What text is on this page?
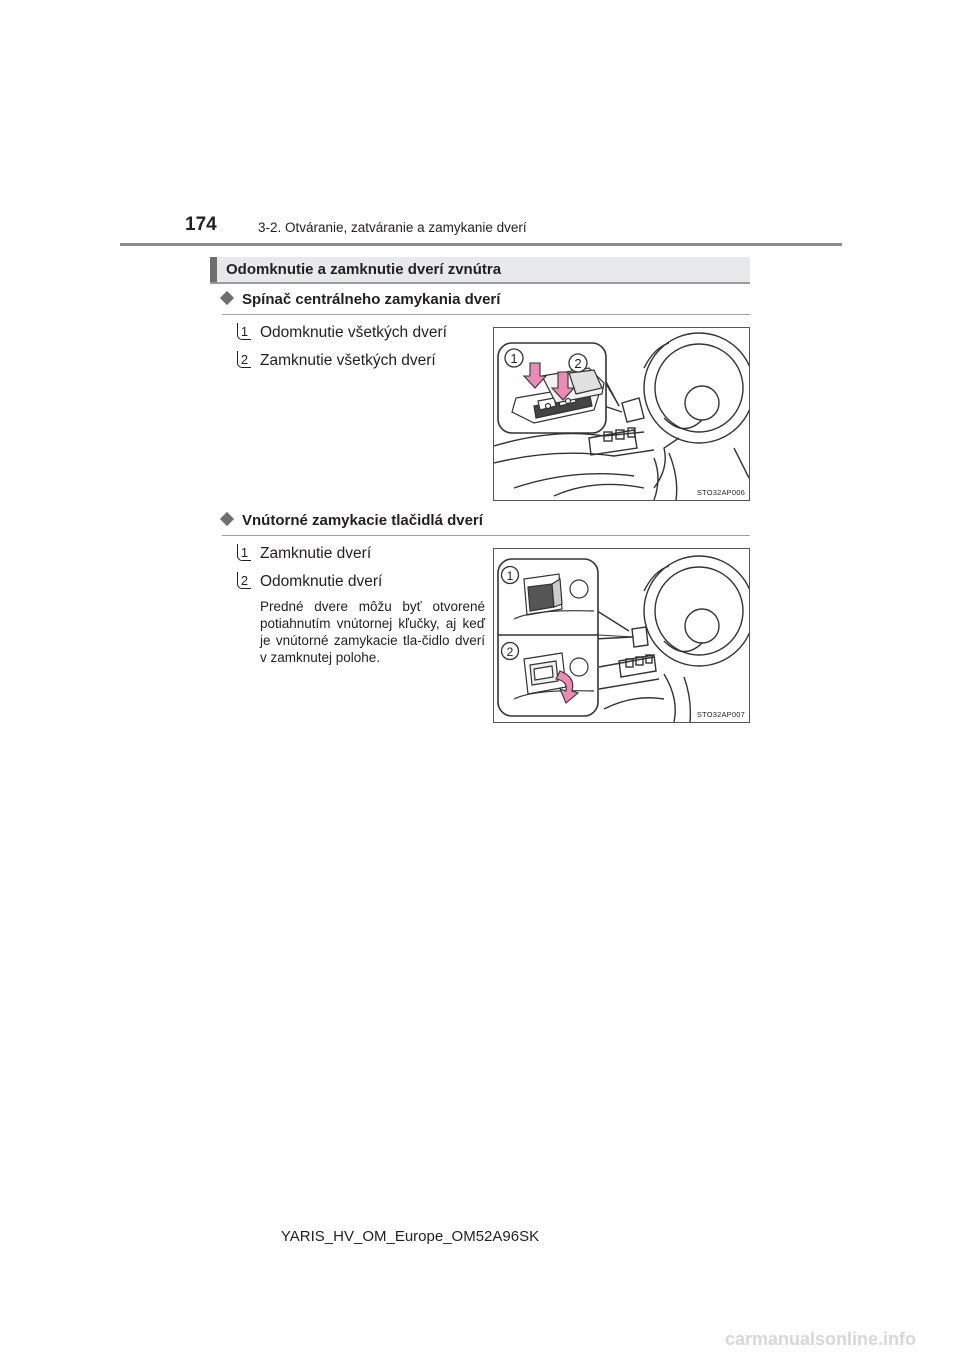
174	3-2. Otváranie, zatváranie a zamykanie dverí
Odomknutie a zamknutie dverí zvnútra
Spínač centrálneho zamykania dverí
1 Odomknutie všetkých dverí
2 Zamknutie všetkých dverí	1	2
STO32AP006
Vnútorné zamykacie tlačidlá dverí
1 Zamknutie dverí
2 Odomknutie dverí
Predné dvere môžu byť otvorené potiahnutím vnútornej kľučky, aj keď je vnútorné zamykacie tla-čidlo dverí v zamknutej polohe.
1
2
STO32AP007
YARIS_HV_OM_Europe_OM52A96SK
carmanualsonline.info
